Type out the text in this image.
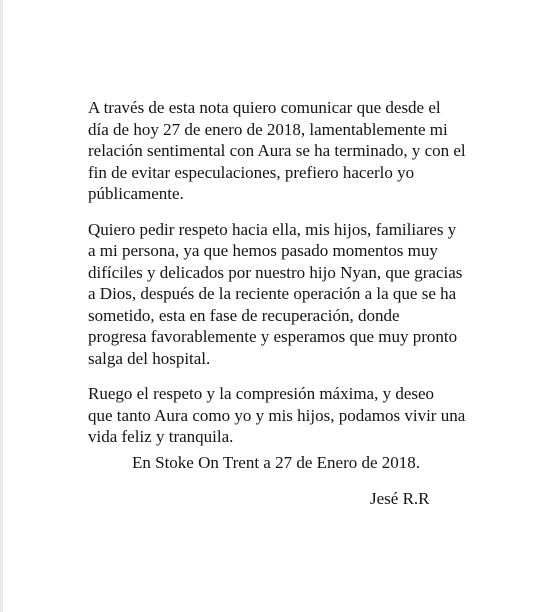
A través de esta nota quiero comunicar que desde el
día de hoy 27 de enero de 2018, lamentablemente mi
relación sentimental con Aura se ha terminado, y con el
fin de evitar especulaciones, prefiero hacerlo yo
públicamente.

Quiero pedir respeto hacia ella, mis hijos, familiares y
a mi persona, ya que hemos pasado momentos muy
difíciles y delicados por nuestro hijo Nyan, que gracias
a Dios, después de la reciente operación a la que se ha
sometido, esta en fase de recuperación, donde
progresa favorablemente y esperamos que muy pronto
salga del hospital.

Ruego el respeto y la compresión máxima, y deseo
que tanto Aura como yo y mis hijos, podamos vivir una
vida feliz y tranquila.

En Stoke On Trent a 27 de Enero de 2018.
Jesé R.R
